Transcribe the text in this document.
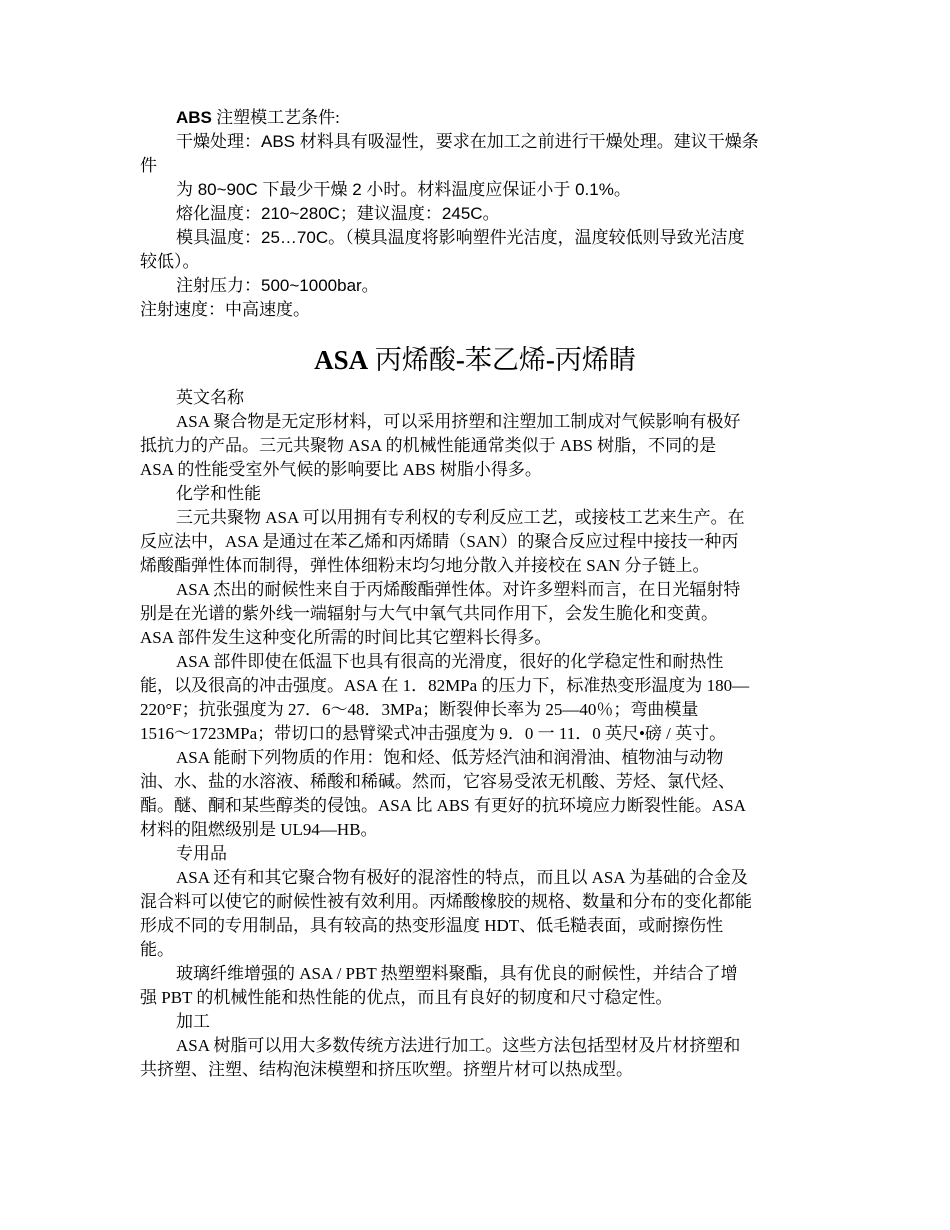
ABS 注塑模工艺条件:
干燥处理：ABS 材料具有吸湿性，要求在加工之前进行干燥处理。建议干燥条
件
为 80~90C 下最少干燥 2 小时。材料温度应保证小于 0.1%。
熔化温度：210~280C；建议温度：245C。
模具温度：25…70C。（模具温度将影响塑件光洁度，温度较低则导致光洁度
较低）。
注射压力：500~1000bar。
注射速度：中高速度。
ASA 丙烯酸-苯乙烯-丙烯睛
英文名称
ASA 聚合物是无定形材料，可以采用挤塑和注塑加工制成对气候影响有极好
抵抗力的产品。三元共聚物 ASA 的机械性能通常类似于 ABS 树脂，不同的是
ASA 的性能受室外气候的影响要比 ABS 树脂小得多。
化学和性能
三元共聚物 ASA 可以用拥有专利权的专利反应工艺，或接枝工艺来生产。在
反应法中，ASA 是通过在苯乙烯和丙烯睛（SAN）的聚合反应过程中接技一种丙
烯酸酯弹性体而制得，弹性体细粉末均匀地分散入并接校在 SAN 分子链上。
ASA 杰出的耐候性来自于丙烯酸酯弹性体。对许多塑料而言，在日光辐射特
别是在光谱的紫外线一端辐射与大气中氧气共同作用下，会发生脆化和变黄。
ASA 部件发生这种变化所需的时间比其它塑料长得多。
ASA 部件即使在低温下也具有很高的光滑度，很好的化学稳定性和耐热性
能，以及很高的冲击强度。ASA 在 1．82MPa 的压力下，标准热变形温度为 180—
220°F；抗张强度为 27．6～48．3MPa；断裂伸长率为 25—40％；弯曲模量
1516～1723MPa；带切口的悬臂梁式冲击强度为 9．0 一 11．0 英尺•磅 / 英寸。
ASA 能耐下列物质的作用：饱和烃、低芳烃汽油和润滑油、植物油与动物
油、水、盐的水溶液、稀酸和稀碱。然而，它容易受浓无机酸、芳烃、氯代烃、
酯。醚、酮和某些醇类的侵蚀。ASA 比 ABS 有更好的抗环境应力断裂性能。ASA
材料的阻燃级别是 UL94—HB。
专用品
ASA 还有和其它聚合物有极好的混溶性的特点，而且以 ASA 为基础的合金及
混合料可以使它的耐候性被有效利用。丙烯酸橡胶的规格、数量和分布的变化都能
形成不同的专用制品，具有较高的热变形温度 HDT、低毛糙表面，或耐擦伤性
能。
玻璃纤维增强的 ASA / PBT 热塑塑料聚酯，具有优良的耐候性，并结合了增
强 PBT 的机械性能和热性能的优点，而且有良好的韧度和尺寸稳定性。
加工
ASA 树脂可以用大多数传统方法进行加工。这些方法包括型材及片材挤塑和
共挤塑、注塑、结构泡沫模塑和挤压吹塑。挤塑片材可以热成型。
